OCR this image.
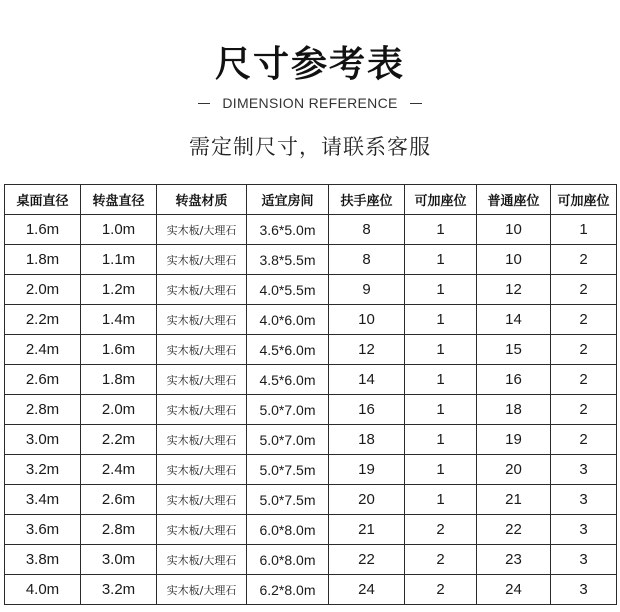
尺寸参考表
DIMENSION REFERENCE
需定制尺寸，请联系客服
桌面直径	转盘直径	转盘材质	适宜房间	扶手座位	可加座位	普通座位	可加座位
1.6m	1.0m	实木板/大理石	3.6*5.0m	8	1	10	1
1.8m	1.1m	实木板/大理石	3.8*5.5m	8	1	10	2
2.0m	1.2m	实木板/大理石	4.0*5.5m	9	1	12	2
2.2m	1.4m	实木板/大理石	4.0*6.0m	10	1	14	2
2.4m	1.6m	实木板/大理石	4.5*6.0m	12	1	15	2
2.6m	1.8m	实木板/大理石	4.5*6.0m	14	1	16	2
2.8m	2.0m	实木板/大理石	5.0*7.0m	16	1	18	2
3.0m	2.2m	实木板/大理石	5.0*7.0m	18	1	19	2
3.2m	2.4m	实木板/大理石	5.0*7.5m	19	1	20	3
3.4m	2.6m	实木板/大理石	5.0*7.5m	20	1	21	3
3.6m	2.8m	实木板/大理石	6.0*8.0m	21	2	22	3
3.8m	3.0m	实木板/大理石	6.0*8.0m	22	2	23	3
4.0m	3.2m	实木板/大理石	6.2*8.0m	24	2	24	3
